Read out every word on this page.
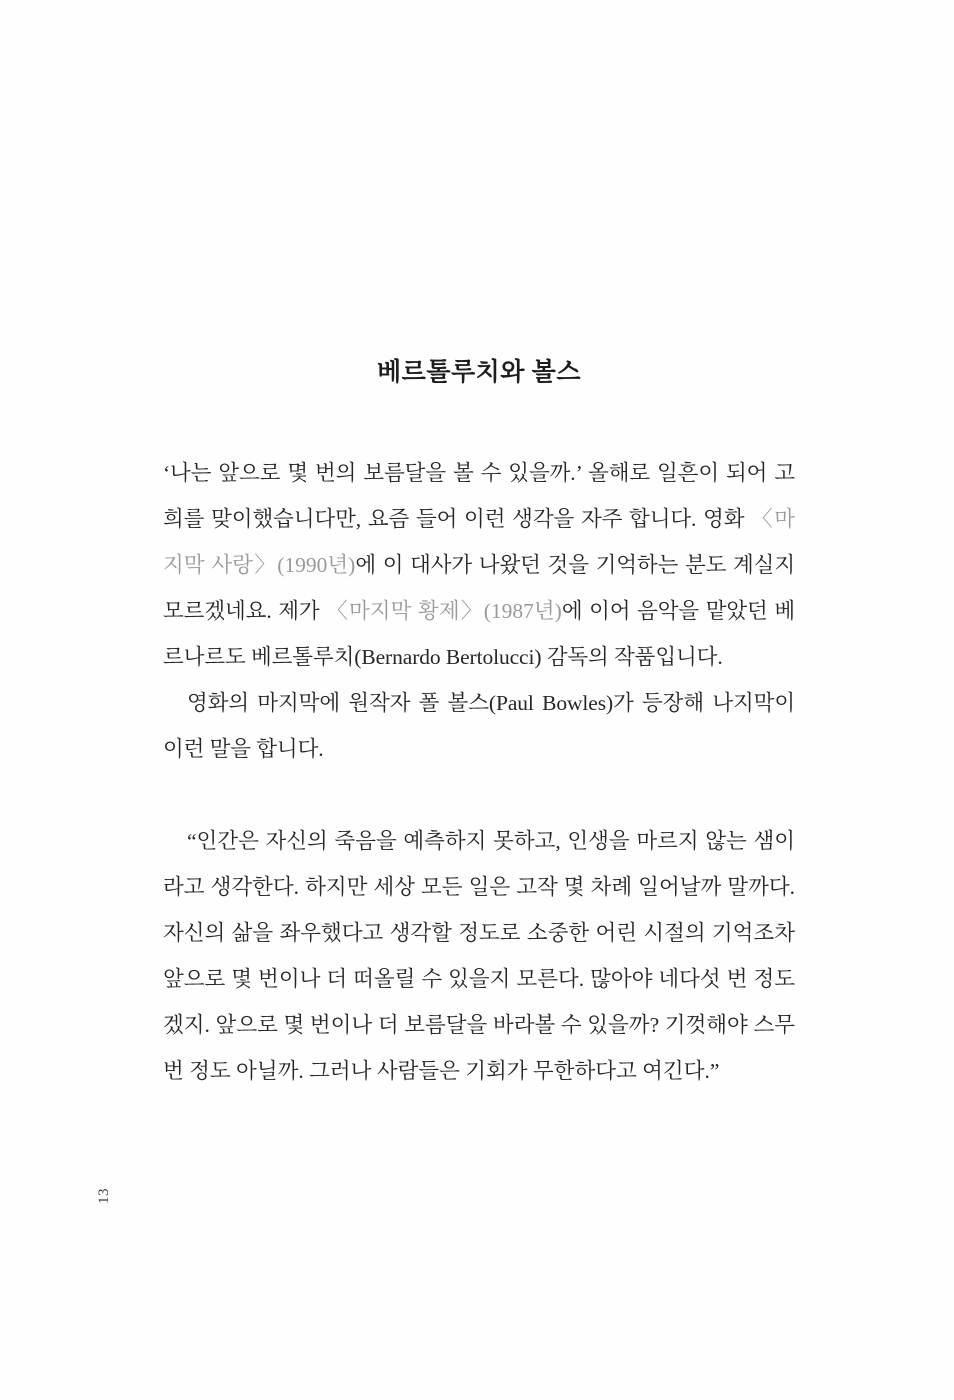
13
베르톨루치와 볼스

‘나는 앞으로 몇 번의 보름달을 볼 수 있을까.’ 올해로 일흔이 되어 고희를 맞이했습니다만, 요즘 들어 이런 생각을 자주 합니다. 영화 〈마지막 사랑〉(1990년)에 이 대사가 나왔던 것을 기억하는 분도 계실지 모르겠네요. 제가 〈마지막 황제〉(1987년)에 이어 음악을 맡았던 베르나르도 베르톨루치(Bernardo Bertolucci) 감독의 작품입니다.

영화의 마지막에 원작자 폴 볼스(Paul Bowles)가 등장해 나지막이 이런 말을 합니다.

“인간은 자신의 죽음을 예측하지 못하고, 인생을 마르지 않는 샘이라고 생각한다. 하지만 세상 모든 일은 고작 몇 차례 일어날까 말까다. 자신의 삶을 좌우했다고 생각할 정도로 소중한 어린 시절의 기억조차 앞으로 몇 번이나 더 떠올릴 수 있을지 모른다. 많아야 네다섯 번 정도겠지. 앞으로 몇 번이나 더 보름달을 바라볼 수 있을까? 기껏해야 스무 번 정도 아닐까. 그러나 사람들은 기회가 무한하다고 여긴다.”
